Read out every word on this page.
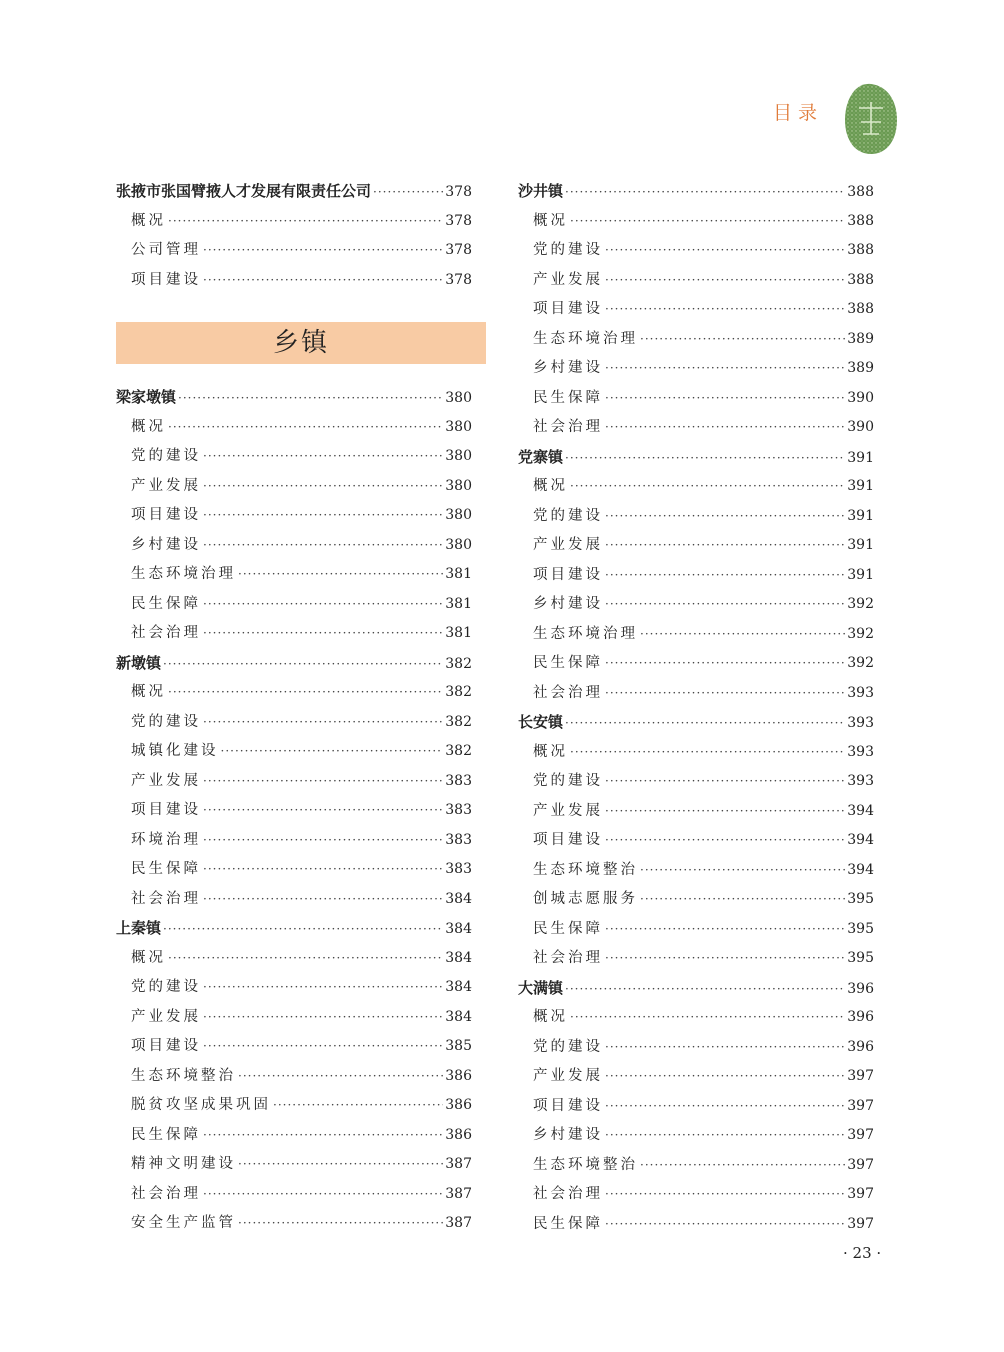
目录
张掖市张国臂掖人才发展有限责任公司 ·····	378
概况 ·····	378
公司管理 ·····	378
项目建设 ·····	378
乡镇
梁家墩镇 ·····	380
概况 ·····	380
党的建设 ·····	380
产业发展 ·····	380
项目建设 ·····	380
乡村建设 ·····	380
生态环境治理 ·····	381
民生保障 ·····	381
社会治理 ·····	381
新墩镇 ·····	382
概况 ·····	382
党的建设 ·····	382
城镇化建设 ·····	382
产业发展 ·····	383
项目建设 ·····	383
环境治理 ·····	383
民生保障 ·····	383
社会治理 ·····	384
上秦镇 ·····	384
概况 ·····	384
党的建设 ·····	384
产业发展 ·····	384
项目建设 ·····	385
生态环境整治 ·····	386
脱贫攻坚成果巩固 ·····	386
民生保障 ·····	386
精神文明建设 ·····	387
社会治理 ·····	387
安全生产监管 ·····	387
沙井镇 ·····	388
概况 ·····	388
党的建设 ·····	388
产业发展 ·····	388
项目建设 ·····	388
生态环境治理 ·····	389
乡村建设 ·····	389
民生保障 ·····	390
社会治理 ·····	390
党寨镇 ·····	391
概况 ·····	391
党的建设 ·····	391
产业发展 ·····	391
项目建设 ·····	391
乡村建设 ·····	392
生态环境治理 ·····	392
民生保障 ·····	392
社会治理 ·····	393
长安镇 ·····	393
概况 ·····	393
党的建设 ·····	393
产业发展 ·····	394
项目建设 ·····	394
生态环境整治 ·····	394
创城志愿服务 ·····	395
民生保障 ·····	395
社会治理 ·····	395
大满镇 ·····	396
概况 ·····	396
党的建设 ·····	396
产业发展 ·····	397
项目建设 ·····	397
乡村建设 ·····	397
生态环境整治 ·····	397
社会治理 ·····	397
民生保障 ·····	397
· 23 ·
